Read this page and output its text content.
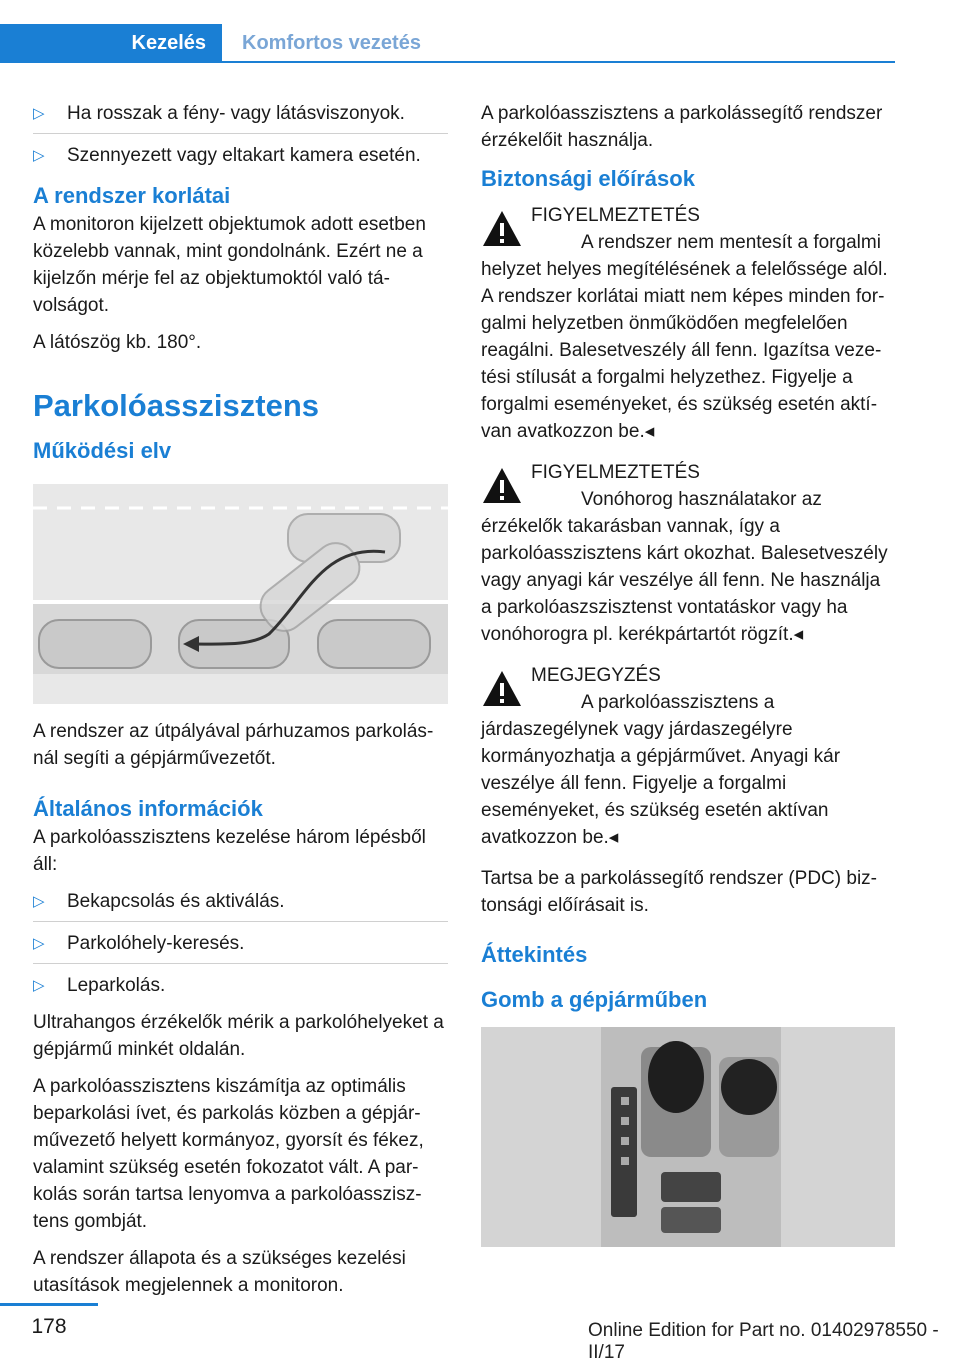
Kezelés	Komfortos vezetés
▷	Ha rosszak a fény- vagy látásviszonyok.
▷	Szennyezett vagy eltakart kamera esetén.
A rendszer korlátai

A monitoron kijelzett objektumok adott esetben közelebb vannak, mint gondolnánk. Ezért ne a kijelzőn mérje fel az objektumoktól való távolságot.

A látószög kb. 180°.

Parkolóasszisztens
Működési elv

A rendszer az útpályával párhuzamos parkolásnál segíti a gépjárművezetőt.

Általános információk

A parkolóasszisztens kezelése három lépésből áll:

▷	Bekapcsolás és aktiválás.
▷	Parkolóhely-keresés.
▷	Leparkolás.

Ultrahangos érzékelők mérik a parkolóhelyeket a gépjármű minkét oldalán.

A parkolóasszisztens kiszámítja az optimális beparkolási ívet, és parkolás közben a gépjárművezető helyett kormányoz, gyorsít és fékez, valamint szükség esetén fokozatot vált. A parkolás során tartsa lenyomva a parkolóasszisztens gombját.

A rendszer állapota és a szükséges kezelési utasítások megjelennek a monitoron.

A parkolóasszisztens a parkolássegítő rendszer érzékelőit használja.

Biztonsági előírások
FIGYELMEZTETÉS
A rendszer nem mentesít a forgalmi helyzet helyes megítélésének a felelőssége alól. A rendszer korlátai miatt nem képes minden forgalmi helyzetben önműködően megfelelően reagálni. Balesetveszély áll fenn. Igazítsa vezetési stílusát a forgalmi helyzethez. Figyelje a forgalmi eseményeket, és szükség esetén aktívan avatkozzon be.◂
FIGYELMEZTETÉS
Vonóhorog használatakor az érzékelők takarásban vannak, így a parkolóasszisztens kárt okozhat. Balesetveszély vagy anyagi kár veszélye áll fenn. Ne használja a parkolóaszszisztenst vontatáskor vagy ha vonóhorogra pl. kerékpártartót rögzít.◂
MEGJEGYZÉS
A parkolóasszisztens a járdaszegélynek vagy járdaszegélyre kormányozhatja a gépjárművet. Anyagi kár veszélye áll fenn. Figyelje a forgalmi eseményeket, és szükség esetén aktívan avatkozzon be.◂

Tartsa be a parkolássegítő rendszer (PDC) biztonsági előírásait is.

Áttekintés
Gomb a gépjárműben
178	Online Edition for Part no. 01402978550 - II/17
